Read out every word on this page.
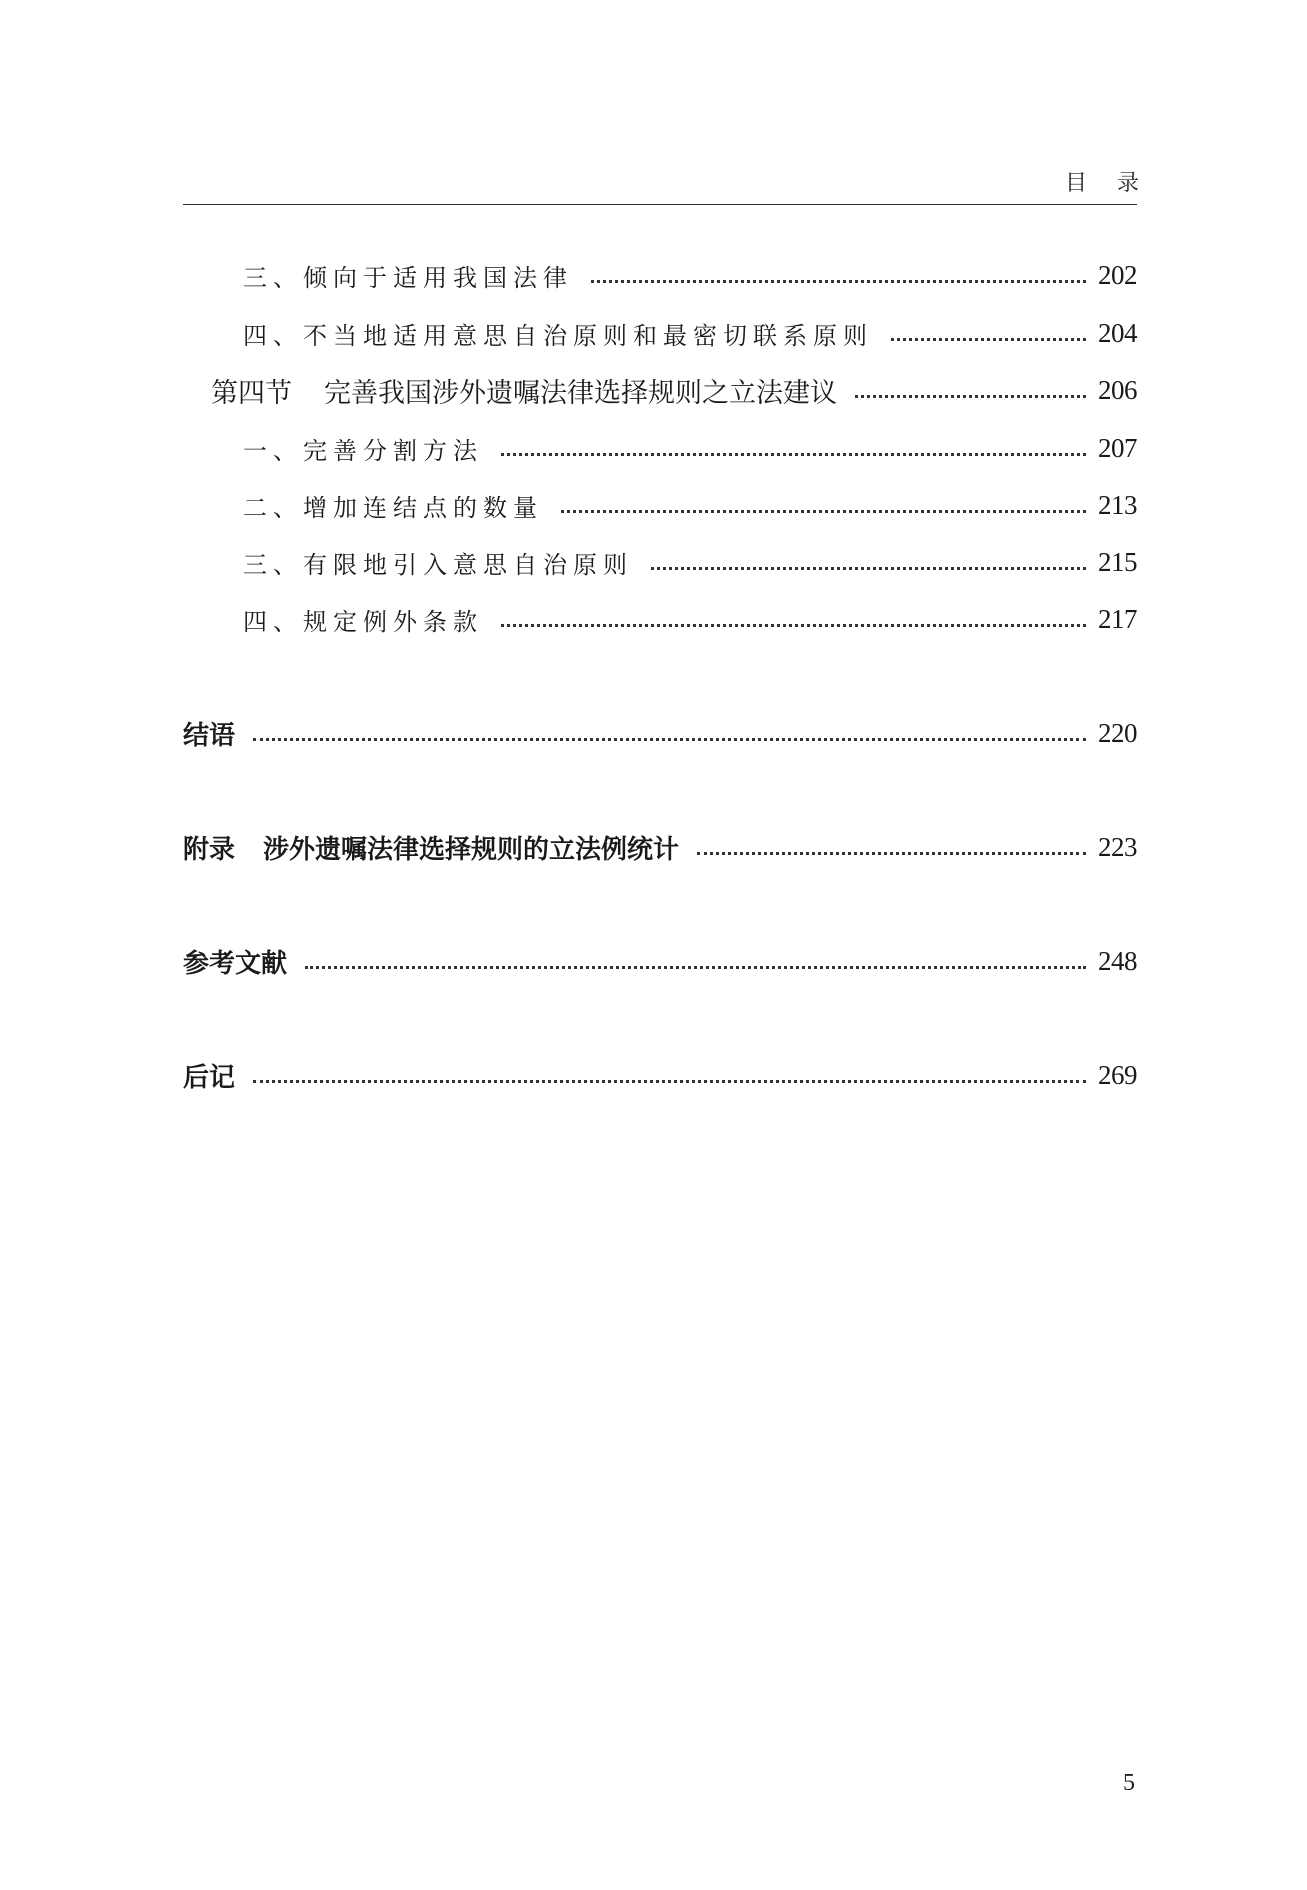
目录
三、倾向于适用我国法律	202
四、不当地适用意思自治原则和最密切联系原则	204
第四节 完善我国涉外遗嘱法律选择规则之立法建议	206
一、完善分割方法	207
二、增加连结点的数量	213
三、有限地引入意思自治原则	215
四、规定例外条款	217
结语	220
附录 涉外遗嘱法律选择规则的立法例统计	223
参考文献	248
后记	269
5
